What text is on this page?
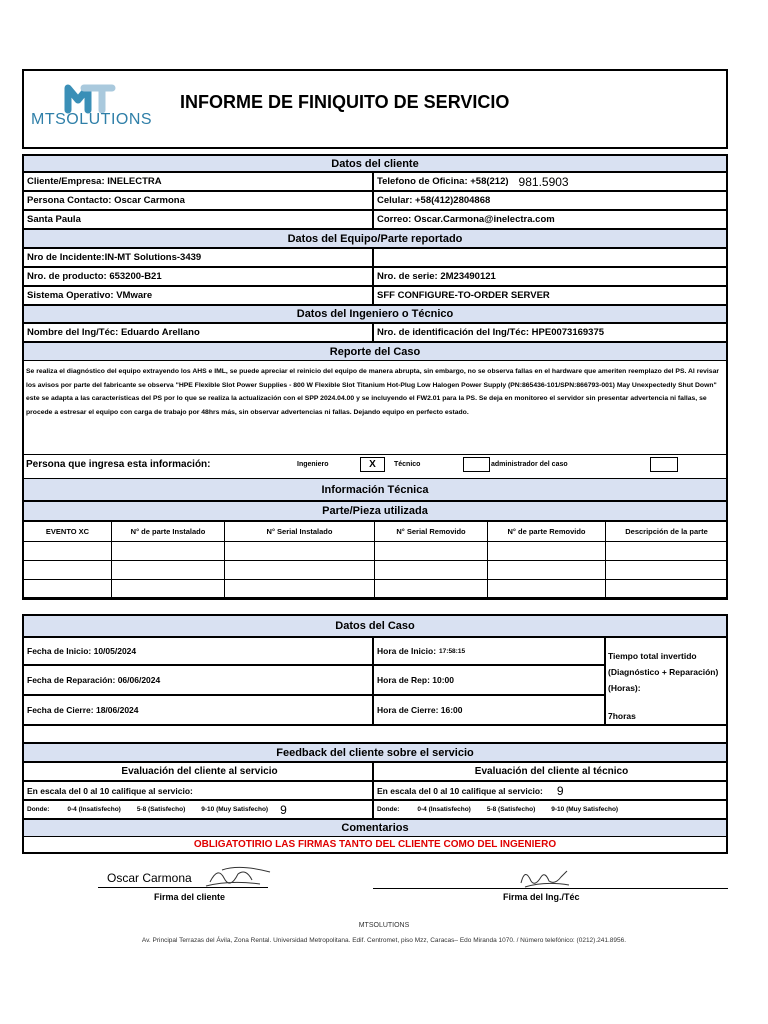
MTSOLUTIONS
INFORME DE FINIQUITO DE SERVICIO
Datos del cliente
Cliente/Empresa: INELECTRA	Telefono de Oficina: +58(212) 981.5903
Persona Contacto: Oscar Carmona	Celular: +58(412)2804868
Santa Paula	Correo: Oscar.Carmona@inelectra.com
Datos del Equipo/Parte reportado
Nro de Incidente:IN-MT Solutions-3439
Nro. de producto: 653200-B21	Nro. de serie: 2M23490121
Sistema Operativo: VMware	SFF CONFIGURE-TO-ORDER SERVER
Datos del Ingeniero o Técnico
Nombre del Ing/Téc: Eduardo Arellano	Nro. de identificación del Ing/Téc: HPE0073169375
Reporte del Caso
Se realiza el diagnóstico del equipo extrayendo los AHS e IML, se puede apreciar el reinicio del equipo de manera abrupta, sin embargo, no se observa fallas en el hardware que ameriten reemplazo del PS. Al revisar los avisos por parte del fabricante se observa "HPE Flexible Slot Power Supplies - 800 W Flexible Slot Titanium Hot-Plug Low Halogen Power Supply (PN:865436-101/SPN:866793-001) May Unexpectedly Shut Down" este se adapta a las características del PS por lo que se realiza la actualización con el SPP 2024.04.00 y se incluyendo el FW2.01 para la PS. Se deja en monitoreo el servidor sin presentar advertencia ni fallas, se procede a estresar el equipo con carga de trabajo por 48hrs más, sin observar advertencias ni fallas. Dejando equipo en perfecto estado.
Persona que ingresa esta información:	Ingeniero	X	Técnico	administrador del caso
Información Técnica
Parte/Pieza utilizada
EVENTO XC	N° de parte Instalado	N° Serial Instalado	N° Serial Removido	N° de parte Removido	Descripción de la parte

Datos del Caso
Fecha de Inicio: 10/05/2024	Hora de Inicio: 17:58:15
Fecha de Reparación: 06/06/2024	Hora de Rep: 10:00
Fecha de Cierre: 18/06/2024	Hora de Cierre: 16:00
Tiempo total invertido (Diagnóstico + Reparación)(Horas):
7horas
Feedback del cliente sobre el servicio
Evaluación del cliente al servicio	Evaluación del cliente al técnico
En escala del 0 al 10 califique al servicio:	En escala del 0 al 10 califique al servicio: 9
Donde:	0-4 (Insatisfecho) 5-8 (Satisfecho) 9-10 (Muy Satisfecho) 9	Donde:	0-4 (Insatisfecho) 5-8 (Satisfecho) 9-10 (Muy Satisfecho)
Comentarios
OBLIGATOTIRIO LAS FIRMAS TANTO DEL CLIENTE COMO DEL INGENIERO
Oscar Carmona
Firma del cliente	Firma del Ing./Téc
MTSOLUTIONS
Av. Principal Terrazas del Ávila, Zona Rental. Universidad Metropolitana. Edif. Centromet, piso Mzz, Caracas– Edo Miranda 1070. / Número telefónico: (0212).241.8956.
